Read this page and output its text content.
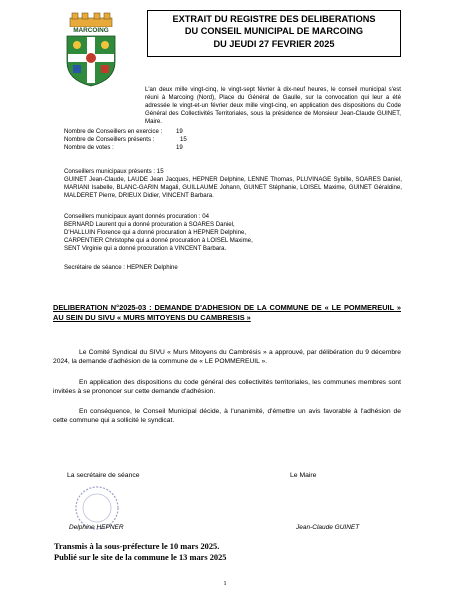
MARCOING
EXTRAIT DU REGISTRE DES DELIBERATIONS
DU CONSEIL MUNICIPAL DE MARCOING
DU JEUDI 27 FEVRIER 2025
L'an deux mille vingt-cinq, le vingt-sept février à dix-neuf heures, le conseil municipal s'est réuni à Marcoing (Nord), Place du Général de Gaulle, sur la convocation qui leur a été adressée le vingt-et-un février deux mille vingt-cinq, en application des dispositions du Code Général des Collectivités Territoriales, sous la présidence de Monsieur Jean-Claude GUINET, Maire.
Nombre de Conseillers en exercice :	19
Nombre de Conseillers présents :	15
Nombre de votes :	19
Conseillers municipaux présents : 15
GUINET Jean-Claude, LAUDE Jean Jacques, HEPNER Delphine, LENNE Thomas, PLUVINAGE Sybille, SOARES Daniel, MARIANI Isabelle, BLANC-GARIN Magali, GUILLAUME Johann, GUINET Stéphanie, LOISEL Maxime, GUINET Géraldine, MALDERET Pierre, DRIEUX Didier, VINCENT Barbara.
Conseillers municipaux ayant donnés procuration : 04
BERNARD Laurent qui a donné procuration à SOARES Daniel,
D'HALLUIN Florence qui a donné procuration à HEPNER Delphine,
CARPENTIER Christophe qui a donné procuration à LOISEL Maxime,
SENT Virginie qui a donné procuration à VINCENT Barbara.
Secrétaire de séance : HEPNER Delphine
DELIBERATION N°2025-03 : DEMANDE D'ADHESION DE LA COMMUNE DE « LE POMMEREUIL » AU SEIN DU SIVU « MURS MITOYENS DU CAMBRESIS »
Le Comité Syndical du SIVU « Murs Mitoyens du Cambrésis » a approuvé, par délibération du 9 décembre 2024, la demande d'adhésion de la commune de « LE POMMEREUIL ».
En application des dispositions du code général des collectivités territoriales, les communes membres sont invitées à se prononcer sur cette demande d'adhésion.
En conséquence, le Conseil Municipal décide, à l'unanimité, d'émettre un avis favorable à l'adhésion de cette commune qui a sollicité le syndicat.
La secrétaire de séance	Le Maire
Delphine HEPNER	Jean-Claude GUINET
Transmis à la sous-préfecture le 10 mars 2025.
Publié sur le site de la commune le 13 mars 2025
1
